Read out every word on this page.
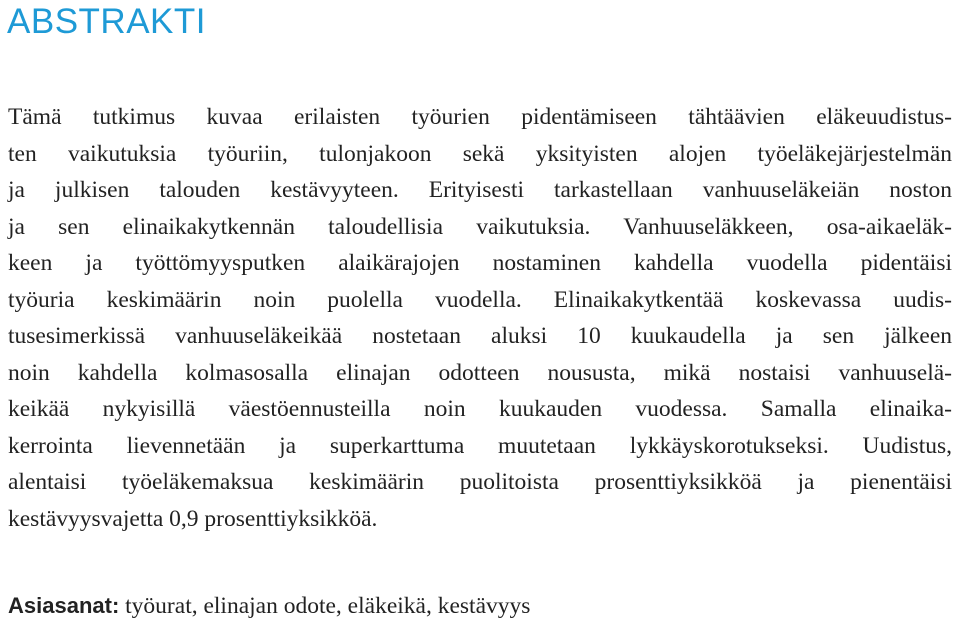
ABSTRAKTI

Tämä tutkimus kuvaa erilaisten työurien pidentämiseen tähtäävien eläkeuudistus-
ten vaikutuksia työuriin, tulonjakoon sekä yksityisten alojen työeläkejärjestelmän
ja julkisen talouden kestävyyteen. Erityisesti tarkastellaan vanhuuseläkeiän noston
ja sen elinaikakytkennän taloudellisia vaikutuksia. Vanhuuseläkkeen, osa-aikaeläk-
keen ja työttömyysputken alaikärajojen nostaminen kahdella vuodella pidentäisi
työuria keskimäärin noin puolella vuodella. Elinaikakytkentää koskevassa uudis-
tusesimerkissä vanhuuseläkeikää nostetaan aluksi 10 kuukaudella ja sen jälkeen
noin kahdella kolmasosalla elinajan odotteen noususta, mikä nostaisi vanhuuselä-
keikää nykyisillä väestöennusteilla noin kuukauden vuodessa. Samalla elinaika-
kerrointa lievennetään ja superkarttuma muutetaan lykkäyskorotukseksi. Uudistus,
alentaisi työeläkemaksua keskimäärin puolitoista prosenttiyksikköä ja pienentäisi
kestävyysvajetta 0,9 prosenttiyksikköä.

Asiasanat: työurat, elinajan odote, eläkeikä, kestävyys
